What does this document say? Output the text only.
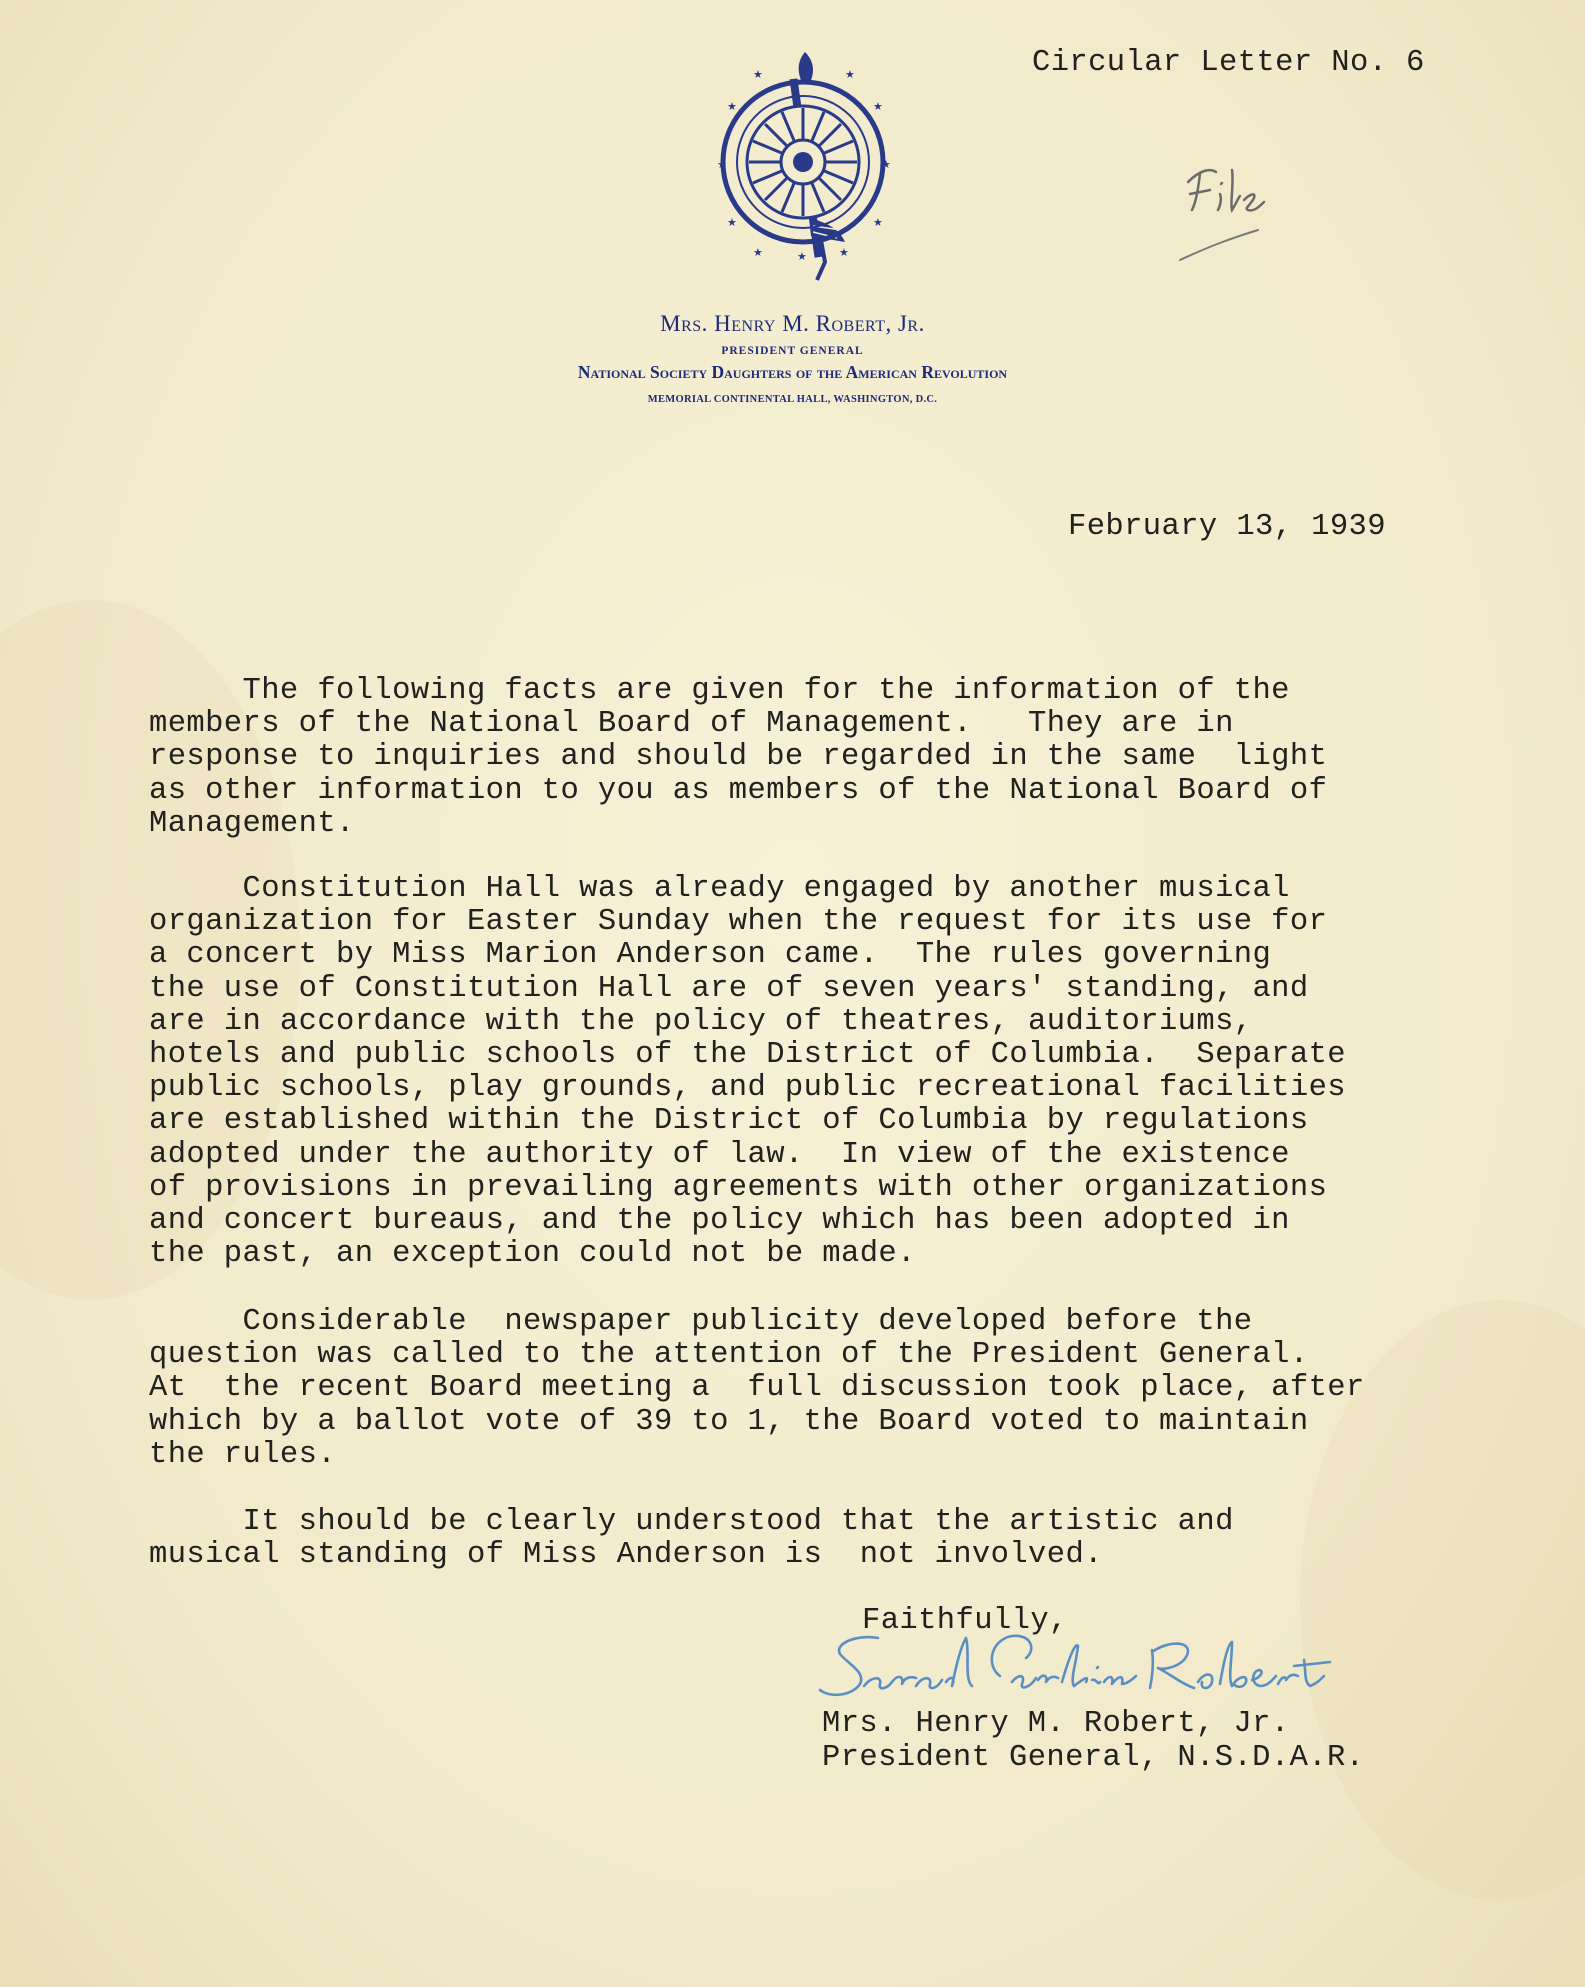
Circular Letter No. 6

★	★
★	★
★	★
★	★
★	★
★

Mrs. Henry M. Robert, Jr.

PRESIDENT GENERAL

National Society Daughters of the American Revolution

MEMORIAL CONTINENTAL HALL, WASHINGTON, D.C.

February 13, 1939

The following facts are given for the information of the
members of the National Board of Management.   They are in
response to inquiries and should be regarded in the same  light
as other information to you as members of the National Board of
Management.

Constitution Hall was already engaged by another musical
organization for Easter Sunday when the request for its use for
a concert by Miss Marion Anderson came.  The rules governing
the use of Constitution Hall are of seven years' standing, and
are in accordance with the policy of theatres, auditoriums,
hotels and public schools of the District of Columbia.  Separate
public schools, play grounds, and public recreational facilities
are established within the District of Columbia by regulations
adopted under the authority of law.  In view of the existence
of provisions in prevailing agreements with other organizations
and concert bureaus, and the policy which has been adopted in
the past, an exception could not be made.

Considerable  newspaper publicity developed before the
question was called to the attention of the President General.
At  the recent Board meeting a  full discussion took place, after
which by a ballot vote of 39 to 1, the Board voted to maintain
the rules.

It should be clearly understood that the artistic and
musical standing of Miss Anderson is  not involved.

Faithfully,

Mrs. Henry M. Robert, Jr.

President General, N.S.D.A.R.
